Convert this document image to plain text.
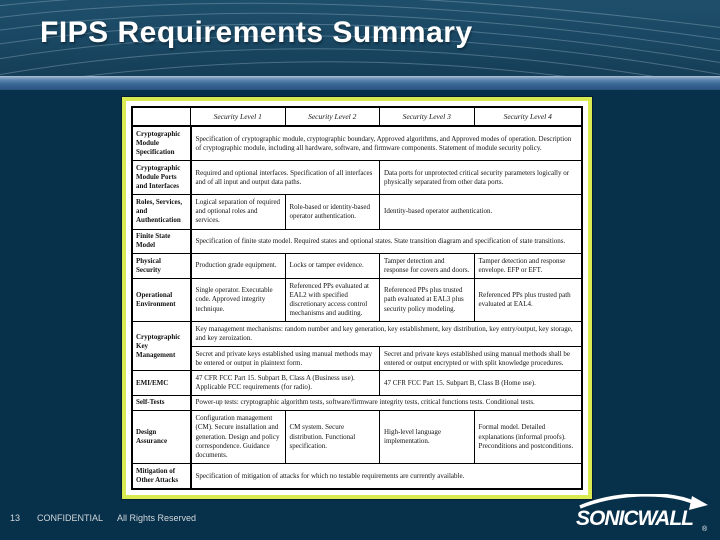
FIPS Requirements Summary
	Security Level 1	Security Level 2	Security Level 3	Security Level 4
Cryptographic Module Specification	Specification of cryptographic module, cryptographic boundary, Approved algorithms, and Approved modes of operation. Description of cryptographic module, including all hardware, software, and firmware components. Statement of module security policy.			
Cryptographic Module Ports and Interfaces	Required and optional interfaces. Specification of all interfaces and of all input and output data paths.		Data ports for unprotected critical security parameters logically or physically separated from other data ports.	
Roles, Services, and Authentication	Logical separation of required and optional roles and services.	Role-based or identity-based operator authentication.	Identity-based operator authentication.	
Finite State Model	Specification of finite state model. Required states and optional states. State transition diagram and specification of state transitions.			
Physical Security	Production grade equipment.	Locks or tamper evidence.	Tamper detection and response for covers and doors.	Tamper detection and response envelope. EFP or EFT.
Operational Environment	Single operator. Executable code. Approved integrity technique.	Referenced PPs evaluated at EAL2 with specified discretionary access control mechanisms and auditing.	Referenced PPs plus trusted path evaluated at EAL3 plus security policy modeling.	Referenced PPs plus trusted path evaluated at EAL4.
Cryptographic Key Management	Key management mechanisms: random number and key generation, key establishment, key distribution, key entry/output, key storage, and key zeroization.			
	Secret and private keys established using manual methods may be entered or output in plaintext form.		Secret and private keys established using manual methods shall be entered or output encrypted or with split knowledge procedures.	
EMI/EMC	47 CFR FCC Part 15. Subpart B, Class A (Business use). Applicable FCC requirements (for radio).		47 CFR FCC Part 15. Subpart B, Class B (Home use).	
Self-Tests	Power-up tests: cryptographic algorithm tests, software/firmware integrity tests, critical functions tests. Conditional tests.			
Design Assurance	Configuration management (CM). Secure installation and generation. Design and policy correspondence. Guidance documents.	CM system. Secure distribution. Functional specification.	High-level language implementation.	Formal model. Detailed explanations (informal proofs). Preconditions and postconditions.
Mitigation of Other Attacks	Specification of mitigation of attacks for which no testable requirements are currently available.			
13 CONFIDENTIAL All Rights Reserved	SONICWALL ®
